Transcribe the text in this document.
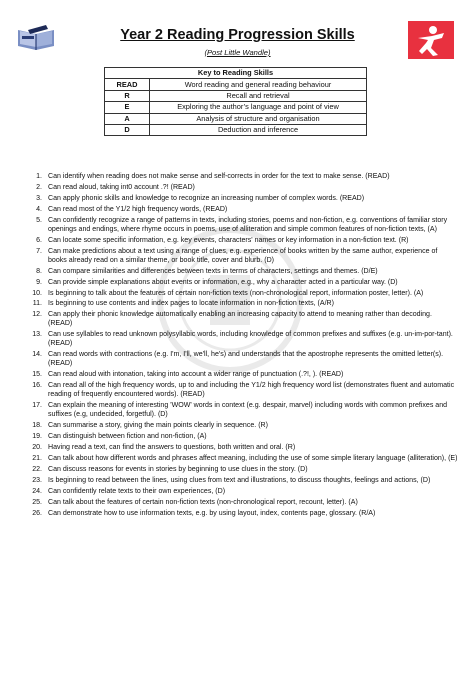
Year 2 Reading Progression Skills
(Post Little Wandle)
Key to Reading Skills	
READ	Word reading and general reading behaviour
R	Recall and retrieval
E	Exploring the author’s language and point of view
A	Analysis of structure and organisation
D	Deduction and inference
1. Can identify when reading does not make sense and self-corrects in order for the text to make sense. (READ)
2. Can read aloud, taking int0 account .?! (READ)
3. Can apply phonic skills and knowledge to recognize an increasing number of complex words. (READ)
4. Can read most of the Y1/2 high frequency words, (READ)
5. Can confidently recognize a range of patterns in texts, including stories, poems and non-fiction, e.g. conventions of familiar story openings and endings, where rhyme occurs in poems, use of alliteration and simple common features of non-fiction texts, (A)
6. Can locate some specific information, e.g. key events, characters' names or key information in a non-fiction text. (R)
7. Can make predictions about a text using a range of clues, e.g. experience of books written by the same author, experience of books already read on a similar theme, or book title, cover and blurb. (D)
8. Can compare similarities and differences between texts in terms of characters, settings and themes. (D/E)
9. Can provide simple explanations about events or information, e.g., why a character acted in a particular way. (D)
10. Is beginning to talk about the features of certain non-fiction texts (non-chronological report, information poster, letter). (A)
11. Is beginning to use contents and index pages to locate information in non-fiction texts, (A/R)
12. Can apply their phonic knowledge automatically enabling an increasing capacity to attend to meaning rather than decoding. (READ)
13. Can use syllables to read unknown polysyllabic words, including knowledge of common prefixes and suffixes (e.g. un-im-por-tant). (READ)
14. Can read words with contractions (e.g. I'm, I'll, we'll, he's) and understands that the apostrophe represents the omitted letter(s). (READ)
15. Can read aloud with intonation, taking into account a wider range of punctuation (.?!, ). (READ)
16. Can read all of the high frequency words, up to and including the Y1/2 high frequency word list (demonstrates fluent and automatic reading of frequently encountered words). (READ)
17. Can explain the meaning of interesting 'WOW' words in context (e.g. despair, marvel) including words with common prefixes and suffixes (e.g, undecided, forgetful). (D)
18. Can summarise a story, giving the main points clearly in sequence. (R)
19. Can distinguish between fiction and non-fiction, (A)
20. Having read a text, can find the answers to questions, both written and oral. (R)
21. Can talk about how different words and phrases affect meaning, including the use of some simple literary language (alliteration), (E)
22. Can discuss reasons for events in stories by beginning to use clues in the story. (D)
23. Is beginning to read between the lines, using clues from text and illustrations, to discuss thoughts, feelings and actions, (D)
24. Can confidently relate texts to their own experiences, (D)
25. Can talk about the features of certain non-fiction texts (non-chronological report, recount, letter). (A)
26. Can demonstrate how to use information texts, e.g. by using layout, index, contents page, glossary. (R/A)
